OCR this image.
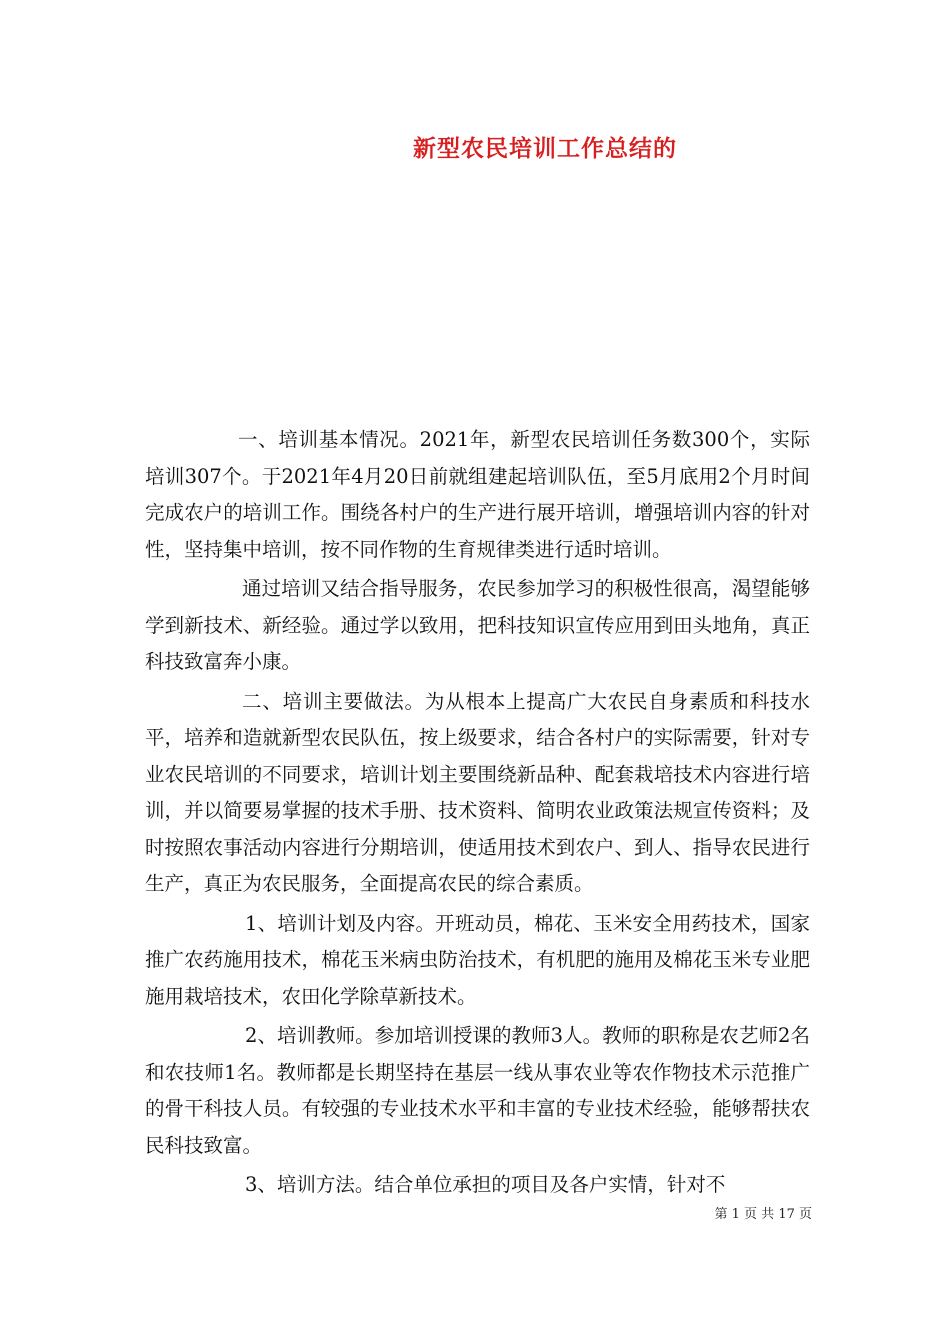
新型农民培训工作总结的

一、培训基本情况。2021年，新型农民培训任务数300个，实际培训307个。于2021年4月20日前就组建起培训队伍，至5月底用2个月时间完成农户的培训工作。围绕各村户的生产进行展开培训，增强培训内容的针对性，坚持集中培训，按不同作物的生育规律类进行适时培训。

通过培训又结合指导服务，农民参加学习的积极性很高，渴望能够学到新技术、新经验。通过学以致用，把科技知识宣传应用到田头地角，真正科技致富奔小康。

二、培训主要做法。为从根本上提高广大农民自身素质和科技水平，培养和造就新型农民队伍，按上级要求，结合各村户的实际需要，针对专业农民培训的不同要求，培训计划主要围绕新品种、配套栽培技术内容进行培训，并以简要易掌握的技术手册、技术资料、简明农业政策法规宣传资料；及时按照农事活动内容进行分期培训，使适用技术到农户、到人、指导农民进行生产，真正为农民服务，全面提高农民的综合素质。

1、培训计划及内容。开班动员，棉花、玉米安全用药技术，国家推广农药施用技术，棉花玉米病虫防治技术，有机肥的施用及棉花玉米专业肥施用栽培技术，农田化学除草新技术。

2、培训教师。参加培训授课的教师3人。教师的职称是农艺师2名和农技师1名。教师都是长期坚持在基层一线从事农业等农作物技术示范推广的骨干科技人员。有较强的专业技术水平和丰富的专业技术经验，能够帮扶农民科技致富。

3、培训方法。结合单位承担的项目及各户实情，针对不

第 1 页 共 17 页
